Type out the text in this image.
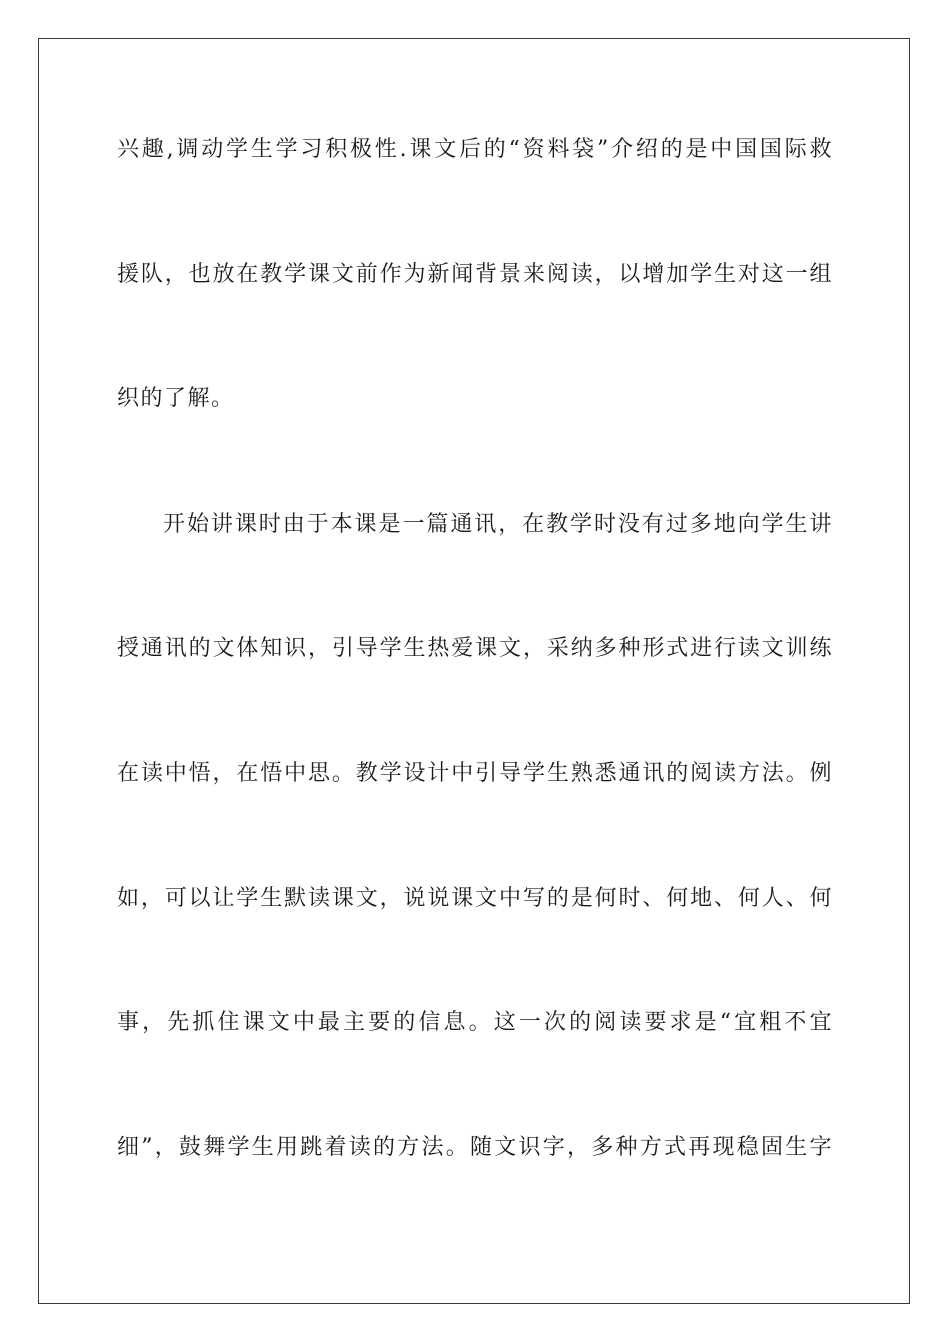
兴趣,调动学生学习积极性.课文后的“资料袋”介绍的是中国国际救
援队，也放在教学课文前作为新闻背景来阅读，以增加学生对这一组
织的了解。
开始讲课时由于本课是一篇通讯，在教学时没有过多地向学生讲
授通讯的文体知识，引导学生热爱课文，采纳多种形式进行读文训练
在读中悟，在悟中思。教学设计中引导学生熟悉通讯的阅读方法。例
如，可以让学生默读课文，说说课文中写的是何时、何地、何人、何
事，先抓住课文中最主要的信息。这一次的阅读要求是“宜粗不宜
细”，鼓舞学生用跳着读的方法。随文识字，多种方式再现稳固生字
